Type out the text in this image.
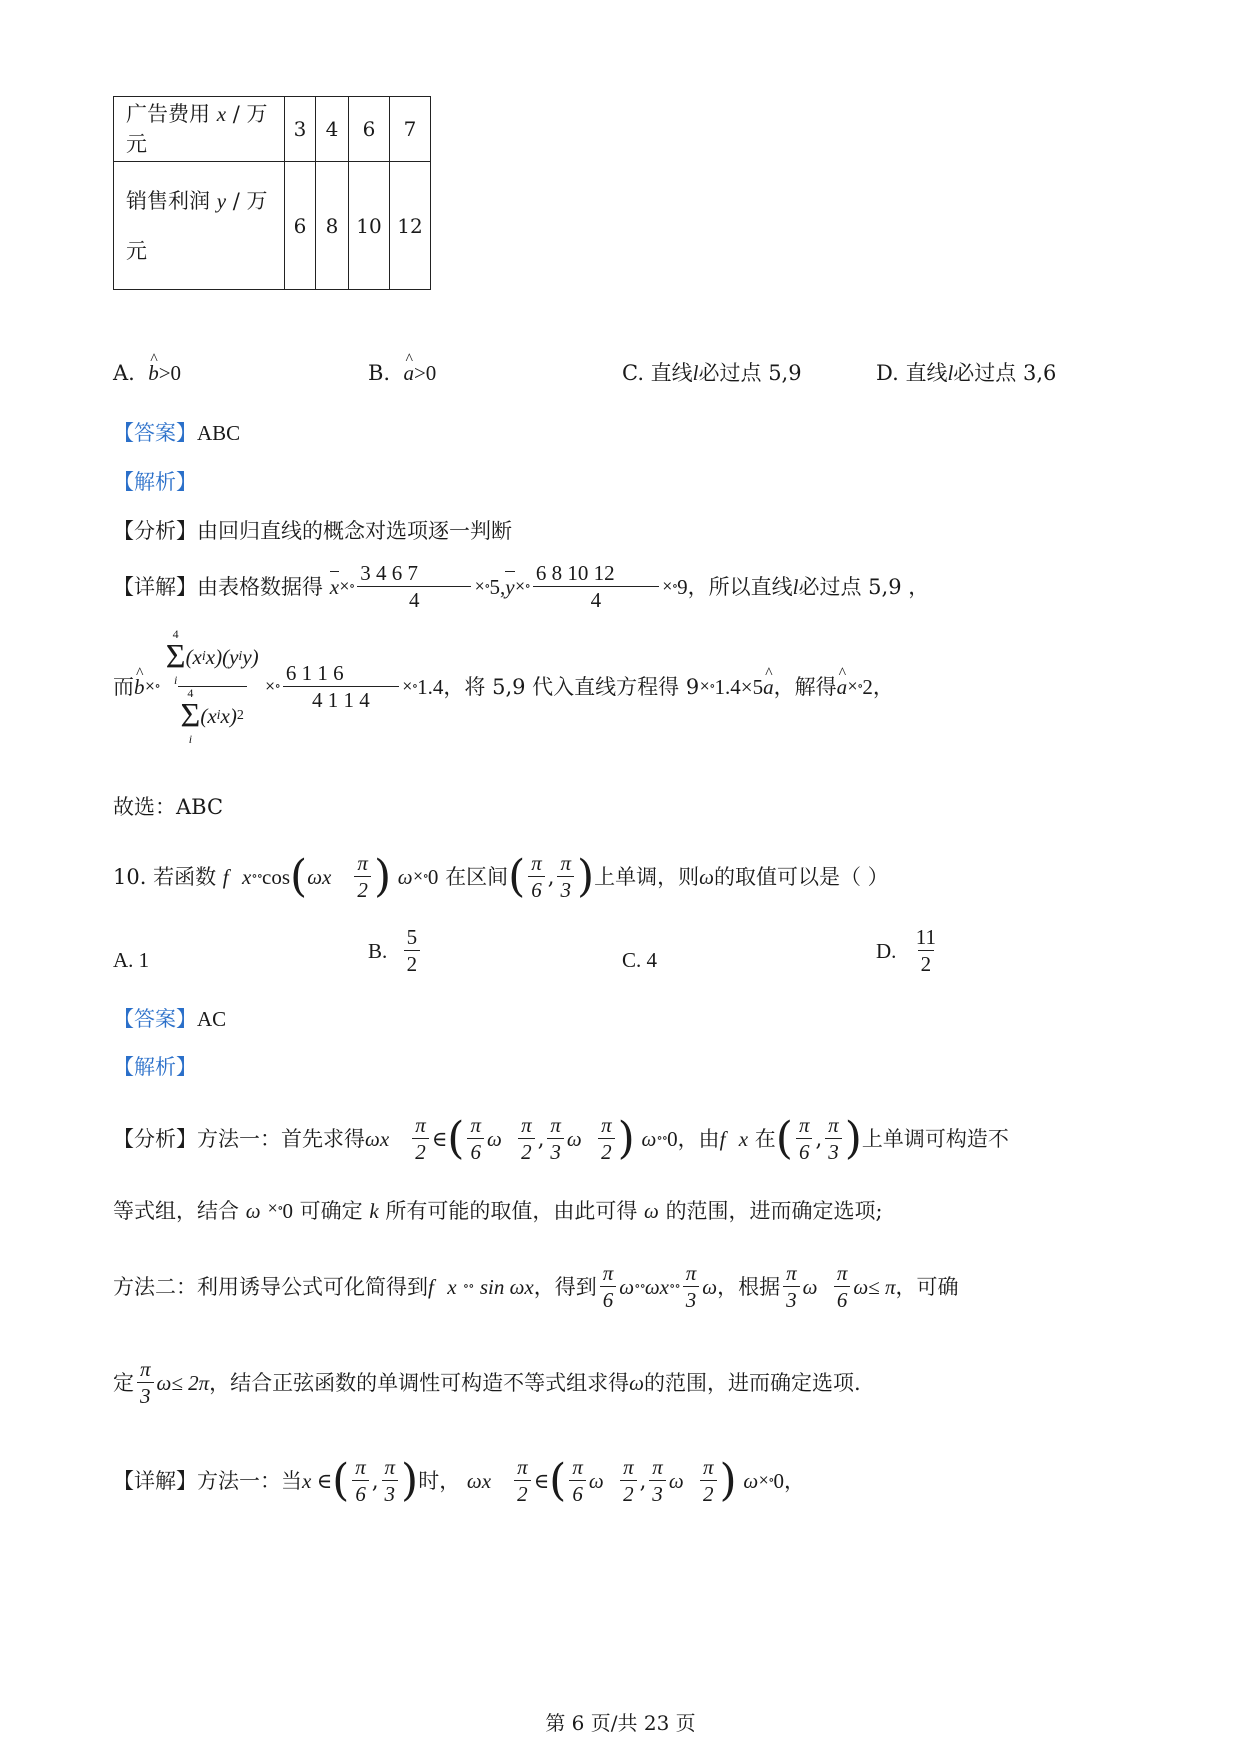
广告费用 x / 万元	3	4	6	7
销售利润 y / 万
元	6	8	10	12
A. ^ b>0	B. ^ a>0	C. 直线l必过点 5,9	D. 直线l必过点 3,6
【答案】ABC
【解析】
【分析】由回归直线的概念对选项逐一判断
【详解】 由表格数据得
x ×∘ $\frac{3 4 6 7}{4}$ ×∘ 5, y ×∘ $\frac{6 8 10 12}{4}$ ×∘ 9 ，所以直线 l 必过点 5,9 ，
而 ^ b ×∘
4
Σ
i
(x i x)(y i y)
4
Σ
i
(x i x) 2
×∘ $\frac{6 1 1 6}{4 1 1 4}$ ×∘ 1.4 ，将 5,9 代入直线方程得 9 ×∘ 1.4×5 ^ a ，解得 ^ a ×∘ 2，
故选：ABC
10. 若函数
f
x ∘∘ cos ( ωx
$\frac{\pi}{2}$ )
ω ×∘ 0
在区间 ( $\frac{\pi}{6}$ , $\frac{\pi}{3}$ ) 上单调，则 ω 的取值可以是（ ）
A. 1	B.
$\frac{5}{2}$	C. 4	D.
$\frac{11}{2}$
【答案】AC
【解析】
【分析】 方法一：首先求得 ωx
$\frac{\pi}{2}$ ∈ ( $\frac{\pi}{6}$ ω
$\frac{\pi}{2}$ , $\frac{\pi}{3}$ ω
$\frac{\pi}{2}$ )
ω ∘∘ 0 ，由 f
x
在 ( $\frac{\pi}{6}$ , $\frac{\pi}{3}$ ) 上单调可构造不
等式组，结合 ω ×∘0 可确定 k 所有可能的取值，由此可得 ω 的范围，进而确定选项;
方法二：利用诱导公式可化简得到 f
x ∘∘ sin ωx ，得到 $\frac{\pi}{6}$ ω ∘∘ ωx ∘∘ $\frac{\pi}{3}$ ω ，根据 $\frac{\pi}{3}$ ω
$\frac{\pi}{6}$ ω ≤ π ，可确
定 $\frac{\pi}{3}$ ω ≤ 2π ，结合正弦函数的单调性可构造不等式组求得 ω 的范围，进而确定选项.
【详解】 方法一：当 x ∈ ( $\frac{\pi}{6}$ , $\frac{\pi}{3}$ ) 时，
ωx
$\frac{\pi}{2}$ ∈ ( $\frac{\pi}{6}$ ω
$\frac{\pi}{2}$ , $\frac{\pi}{3}$ ω
$\frac{\pi}{2}$ )
ω ×∘ 0 ，
第 6 页/共 23 页
